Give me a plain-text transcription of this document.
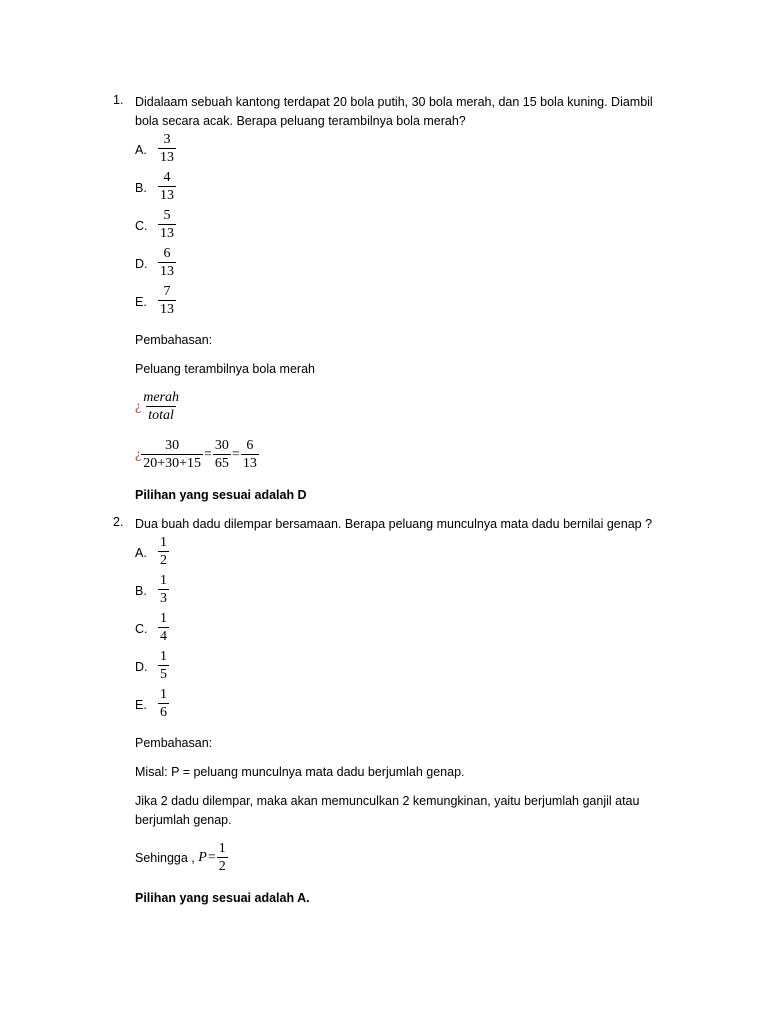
1. Didalaam sebuah kantong terdapat 20 bola putih, 30 bola merah, dan 15 bola kuning. Diambil bola secara acak. Berapa peluang terambilnya bola merah?
A. $\frac{3}{13}$
B. $\frac{4}{13}$
C. $\frac{5}{13}$
D. $\frac{6}{13}$
E. $\frac{7}{13}$
Pembahasan:
Peluang terambilnya bola merah
¿
merah
total
¿ $\frac{30}{20+30+15} = \frac{30}{65} = \frac{6}{13}$
Pilihan yang sesuai adalah D
2. Dua buah dadu dilempar bersamaan. Berapa peluang munculnya mata dadu bernilai genap ?
A. $\frac{1}{2}$
B. $\frac{1}{3}$
C. $\frac{1}{4}$
D. $\frac{1}{5}$
E. $\frac{1}{6}$
Pembahasan:
Misal: P = peluang munculnya mata dadu berjumlah genap.
Jika 2 dadu dilempar, maka akan memunculkan 2 kemungkinan, yaitu berjumlah ganjil atau berjumlah genap.
Sehingga , $P = \frac{1}{2}$
Pilihan yang sesuai adalah A.
